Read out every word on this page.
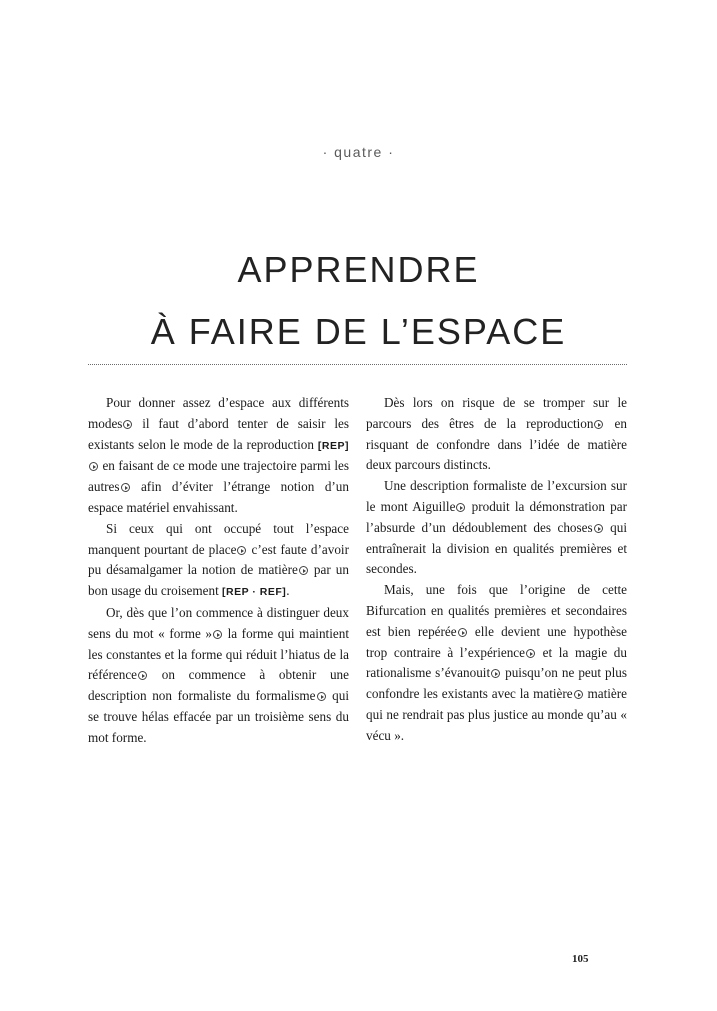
· quatre ·
APPRENDRE
À FAIRE DE L’ESPACE

Pour donner assez d’espace aux différents modes il faut d’abord tenter de saisir les existants selon le mode de la reproduction [REP]  en faisant de ce mode une trajectoire parmi les autres afin d’éviter l’étrange notion d’un espace matériel envahissant.

Si ceux qui ont occupé tout l’espace manquent pourtant de place c’est faute d’avoir pu désamalgamer la notion de matière par un bon usage du croisement [REP · REF].

Or, dès que l’on commence à distinguer deux sens du mot « forme » la forme qui maintient les constantes et la forme qui réduit l’hiatus de la référence on commence à obtenir une description non formaliste du formalisme qui se trouve hélas effacée par un troisième sens du mot forme.

Dès lors on risque de se tromper sur le parcours des êtres de la reproduction en risquant de confondre dans l’idée de matière deux parcours distincts.

Une description formaliste de l’excursion sur le mont Aiguille produit la démonstration par l’absurde d’un dédoublement des choses qui entraînerait la division en qualités premières et secondes.

Mais, une fois que l’origine de cette Bifurcation en qualités premières et secondaires est bien repérée elle devient une hypothèse trop contraire à l’expérience et la magie du rationalisme s’évanouit puisqu’on ne peut plus confondre les existants avec la matière matière qui ne rendrait pas plus justice au monde qu’au « vécu ».

105
